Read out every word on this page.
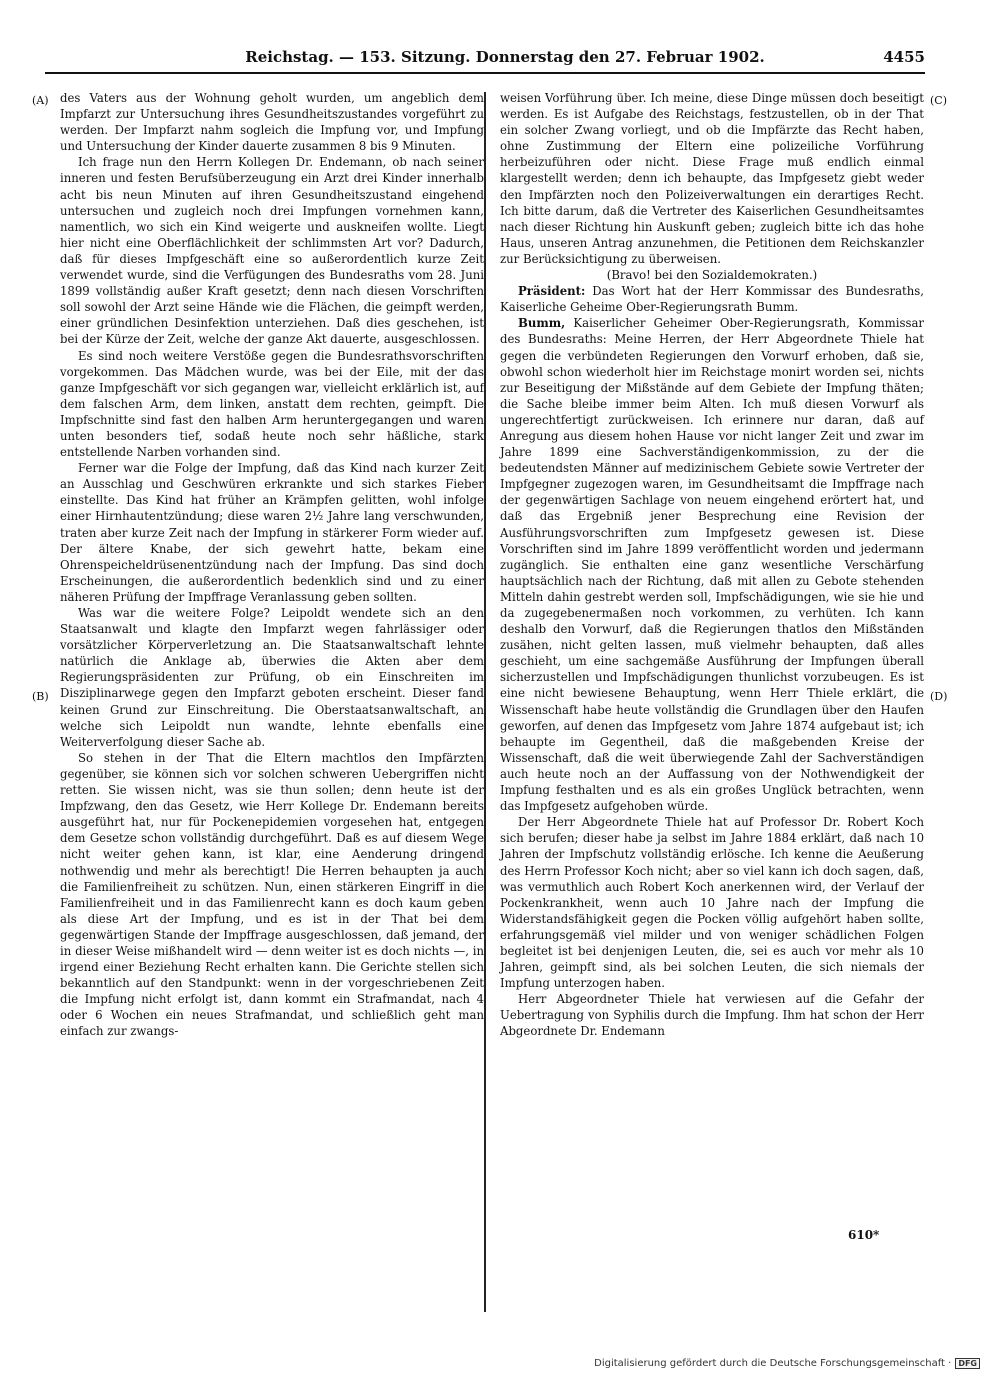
Reichstag. — 153. Sitzung. Donnerstag den 27. Februar 1902.	4455
(A)
(B)
(C)
(D)

des Vaters aus der Wohnung geholt wurden, um angeblich dem Impfarzt zur Untersuchung ihres Gesundheitszustandes vorgeführt zu werden. Der Impfarzt nahm sogleich die Impfung vor, und Impfung und Untersuchung der Kinder dauerte zusammen 8 bis 9 Minuten.

Ich frage nun den Herrn Kollegen Dr. Endemann, ob nach seiner inneren und festen Berufsüberzeugung ein Arzt drei Kinder innerhalb acht bis neun Minuten auf ihren Gesundheitszustand eingehend untersuchen und zugleich noch drei Impfungen vornehmen kann, namentlich, wo sich ein Kind weigerte und auskneifen wollte. Liegt hier nicht eine Oberflächlichkeit der schlimmsten Art vor? Dadurch, daß für dieses Impfgeschäft eine so außerordentlich kurze Zeit verwendet wurde, sind die Verfügungen des Bundesraths vom 28. Juni 1899 vollständig außer Kraft gesetzt; denn nach diesen Vorschriften soll sowohl der Arzt seine Hände wie die Flächen, die geimpft werden, einer gründlichen Desinfektion unterziehen. Daß dies geschehen, ist bei der Kürze der Zeit, welche der ganze Akt dauerte, ausgeschlossen.

Es sind noch weitere Verstöße gegen die Bundesrathsvorschriften vorgekommen. Das Mädchen wurde, was bei der Eile, mit der das ganze Impfgeschäft vor sich gegangen war, vielleicht erklärlich ist, auf dem falschen Arm, dem linken, anstatt dem rechten, geimpft. Die Impfschnitte sind fast den halben Arm heruntergegangen und waren unten besonders tief, sodaß heute noch sehr häßliche, stark entstellende Narben vorhanden sind.

Ferner war die Folge der Impfung, daß das Kind nach kurzer Zeit an Ausschlag und Geschwüren erkrankte und sich starkes Fieber einstellte. Das Kind hat früher an Krämpfen gelitten, wohl infolge einer Hirnhautentzündung; diese waren 2½ Jahre lang verschwunden, traten aber kurze Zeit nach der Impfung in stärkerer Form wieder auf. Der ältere Knabe, der sich gewehrt hatte, bekam eine Ohrenspeicheldrüsenentzündung nach der Impfung. Das sind doch Erscheinungen, die außerordentlich bedenklich sind und zu einer näheren Prüfung der Impffrage Veranlassung geben sollten.

Was war die weitere Folge? Leipoldt wendete sich an den Staatsanwalt und klagte den Impfarzt wegen fahrlässiger oder vorsätzlicher Körperverletzung an. Die Staatsanwaltschaft lehnte natürlich die Anklage ab, überwies die Akten aber dem Regierungspräsidenten zur Prüfung, ob ein Einschreiten im Disziplinarwege gegen den Impfarzt geboten erscheint. Dieser fand keinen Grund zur Einschreitung. Die Oberstaatsanwaltschaft, an welche sich Leipoldt nun wandte, lehnte ebenfalls eine Weiterverfolgung dieser Sache ab.

So stehen in der That die Eltern machtlos den Impfärzten gegenüber, sie können sich vor solchen schweren Uebergriffen nicht retten. Sie wissen nicht, was sie thun sollen; denn heute ist der Impfzwang, den das Gesetz, wie Herr Kollege Dr. Endemann bereits ausgeführt hat, nur für Pockenepidemien vorgesehen hat, entgegen dem Gesetze schon vollständig durchgeführt. Daß es auf diesem Wege nicht weiter gehen kann, ist klar, eine Aenderung dringend nothwendig und mehr als berechtigt! Die Herren behaupten ja auch die Familienfreiheit zu schützen. Nun, einen stärkeren Eingriff in die Familienfreiheit und in das Familienrecht kann es doch kaum geben als diese Art der Impfung, und es ist in der That bei dem gegenwärtigen Stande der Impffrage ausgeschlossen, daß jemand, der in dieser Weise mißhandelt wird — denn weiter ist es doch nichts —, in irgend einer Beziehung Recht erhalten kann. Die Gerichte stellen sich bekanntlich auf den Standpunkt: wenn in der vorgeschriebenen Zeit die Impfung nicht erfolgt ist, dann kommt ein Strafmandat, nach 4 oder 6 Wochen ein neues Strafmandat, und schließlich geht man einfach zur zwangs-

weisen Vorführung über. Ich meine, diese Dinge müssen doch beseitigt werden. Es ist Aufgabe des Reichstags, festzustellen, ob in der That ein solcher Zwang vorliegt, und ob die Impfärzte das Recht haben, ohne Zustimmung der Eltern eine polizeiliche Vorführung herbeizuführen oder nicht. Diese Frage muß endlich einmal klargestellt werden; denn ich behaupte, das Impfgesetz giebt weder den Impfärzten noch den Polizeiverwaltungen ein derartiges Recht. Ich bitte darum, daß die Vertreter des Kaiserlichen Gesundheitsamtes nach dieser Richtung hin Auskunft geben; zugleich bitte ich das hohe Haus, unseren Antrag anzunehmen, die Petitionen dem Reichskanzler zur Berücksichtigung zu überweisen.

(Bravo! bei den Sozialdemokraten.)

Präsident: Das Wort hat der Herr Kommissar des Bundesraths, Kaiserliche Geheime Ober-Regierungsrath Bumm.

Bumm, Kaiserlicher Geheimer Ober-Regierungsrath, Kommissar des Bundesraths: Meine Herren, der Herr Abgeordnete Thiele hat gegen die verbündeten Regierungen den Vorwurf erhoben, daß sie, obwohl schon wiederholt hier im Reichstage monirt worden sei, nichts zur Beseitigung der Mißstände auf dem Gebiete der Impfung thäten; die Sache bleibe immer beim Alten. Ich muß diesen Vorwurf als ungerechtfertigt zurückweisen. Ich erinnere nur daran, daß auf Anregung aus diesem hohen Hause vor nicht langer Zeit und zwar im Jahre 1899 eine Sachverständigenkommission, zu der die bedeutendsten Männer auf medizinischem Gebiete sowie Vertreter der Impfgegner zugezogen waren, im Gesundheitsamt die Impffrage nach der gegenwärtigen Sachlage von neuem eingehend erörtert hat, und daß das Ergebniß jener Besprechung eine Revision der Ausführungsvorschriften zum Impfgesetz gewesen ist. Diese Vorschriften sind im Jahre 1899 veröffentlicht worden und jedermann zugänglich. Sie enthalten eine ganz wesentliche Verschärfung hauptsächlich nach der Richtung, daß mit allen zu Gebote stehenden Mitteln dahin gestrebt werden soll, Impfschädigungen, wie sie hie und da zugegebenermaßen noch vorkommen, zu verhüten. Ich kann deshalb den Vorwurf, daß die Regierungen thatlos den Mißständen zusähen, nicht gelten lassen, muß vielmehr behaupten, daß alles geschieht, um eine sachgemäße Ausführung der Impfungen überall sicherzustellen und Impfschädigungen thunlichst vorzubeugen. Es ist eine nicht bewiesene Behauptung, wenn Herr Thiele erklärt, die Wissenschaft habe heute vollständig die Grundlagen über den Haufen geworfen, auf denen das Impfgesetz vom Jahre 1874 aufgebaut ist; ich behaupte im Gegentheil, daß die maßgebenden Kreise der Wissenschaft, daß die weit überwiegende Zahl der Sachverständigen auch heute noch an der Auffassung von der Nothwendigkeit der Impfung festhalten und es als ein großes Unglück betrachten, wenn das Impfgesetz aufgehoben würde.

Der Herr Abgeordnete Thiele hat auf Professor Dr. Robert Koch sich berufen; dieser habe ja selbst im Jahre 1884 erklärt, daß nach 10 Jahren der Impfschutz vollständig erlösche. Ich kenne die Aeußerung des Herrn Professor Koch nicht; aber so viel kann ich doch sagen, daß, was vermuthlich auch Robert Koch anerkennen wird, der Verlauf der Pockenkrankheit, wenn auch 10 Jahre nach der Impfung die Widerstandsfähigkeit gegen die Pocken völlig aufgehört haben sollte, erfahrungsgemäß viel milder und von weniger schädlichen Folgen begleitet ist bei denjenigen Leuten, die, sei es auch vor mehr als 10 Jahren, geimpft sind, als bei solchen Leuten, die sich niemals der Impfung unterzogen haben.

Herr Abgeordneter Thiele hat verwiesen auf die Gefahr der Uebertragung von Syphilis durch die Impfung. Ihm hat schon der Herr Abgeordnete Dr. Endemann

610*
Digitalisierung gefördert durch die Deutsche Forschungsgemeinschaft · DFG
